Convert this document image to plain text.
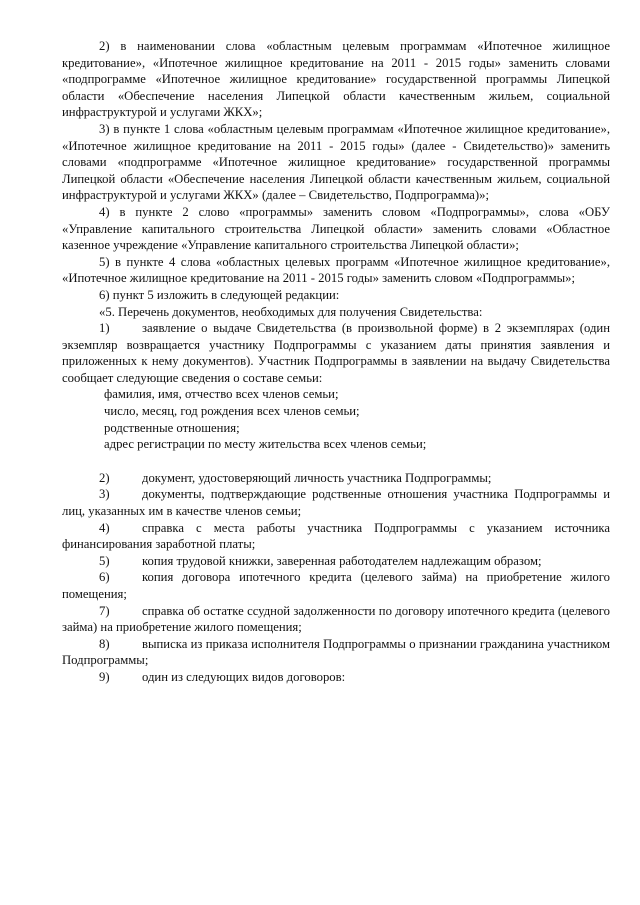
2) в наименовании слова «областным целевым программам «Ипотечное жилищное кредитование», «Ипотечное жилищное кредитование на 2011 - 2015 годы» заменить словами «подпрограмме «Ипотечное жилищное кредитование» государственной программы Липецкой области «Обеспечение населения Липецкой области качественным жильем, социальной инфраструктурой и услугами ЖКХ»;

3) в пункте 1 слова «областным целевым программам «Ипотечное жилищное кредитование», «Ипотечное жилищное кредитование на 2011 - 2015 годы» (далее - Свидетельство)» заменить словами «подпрограмме «Ипотечное жилищное кредитование» государственной программы Липецкой области «Обеспечение населения Липецкой области качественным жильем, социальной инфраструктурой и услугами ЖКХ» (далее – Свидетельство, Подпрограмма)»;

4) в пункте 2 слово «программы» заменить словом «Подпрограммы», слова «ОБУ «Управление капитального строительства Липецкой области» заменить словами «Областное казенное учреждение «Управление капитального строительства Липецкой области»;

5) в пункте 4 слова «областных целевых программ «Ипотечное жилищное кредитование», «Ипотечное жилищное кредитование на 2011 - 2015 годы» заменить словом «Подпрограммы»;

6) пункт 5 изложить в следующей редакции:

«5. Перечень документов, необходимых для получения Свидетельства:

1)	заявление о выдаче Свидетельства (в произвольной форме) в 2 экземплярах (один экземпляр возвращается участнику Подпрограммы с указанием даты принятия заявления и приложенных к нему документов). Участник Подпрограммы в заявлении на выдачу Свидетельства сообщает следующие сведения о составе семьи:

фамилия, имя, отчество всех членов семьи;

число, месяц, год рождения всех членов семьи;

родственные отношения;

адрес регистрации по месту жительства всех членов семьи;

2)	документ, удостоверяющий личность участника Подпрограммы;

3)	документы, подтверждающие родственные отношения участника Подпрограммы и лиц, указанных им в качестве членов семьи;

4)	справка с места работы участника Подпрограммы с указанием источника финансирования заработной платы;

5)	копия трудовой книжки, заверенная работодателем надлежащим образом;

6)	копия договора ипотечного кредита (целевого займа) на приобретение жилого помещения;

7)	справка об остатке ссудной задолженности по договору ипотечного кредита (целевого займа) на приобретение жилого помещения;

8)	выписка из приказа исполнителя Подпрограммы о признании гражданина участником Подпрограммы;

9)	один из следующих видов договоров:
